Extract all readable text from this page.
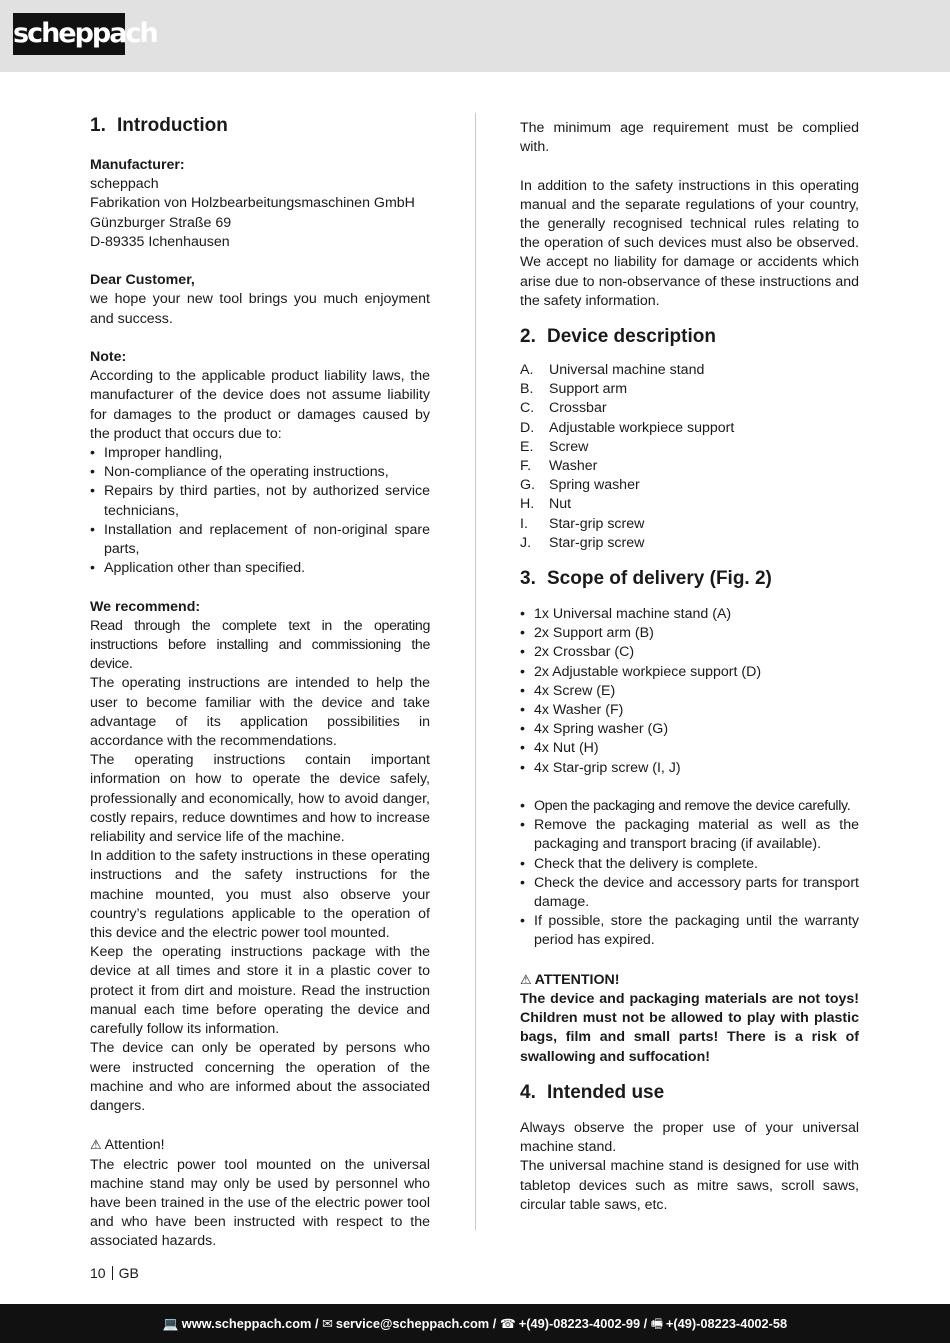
scheppach
1. Introduction
Manufacturer:
scheppach
Fabrikation von Holzbearbeitungsmaschinen GmbH
Günzburger Straße 69
D-89335 Ichenhausen
Dear Customer,

we hope your new tool brings you much enjoyment and success.

Note:

According to the applicable product liability laws, the manufacturer of the device does not assume liability for damages to the product or damages caused by the product that occurs due to:

• Improper handling,
• Non-compliance of the operating instructions,
• Repairs by third parties, not by authorized service technicians,
• Installation and replacement of non-original spare parts,
• Application other than specified.
We recommend:

Read through the complete text in the operating instructions before installing and commissioning the device.

The operating instructions are intended to help the user to become familiar with the device and take advantage of its application possibilities in accordance with the recommendations.

The operating instructions contain important information on how to operate the device safely, professionally and economically, how to avoid danger, costly repairs, reduce downtimes and how to increase reliability and service life of the machine.

In addition to the safety instructions in these operating instructions and the safety instructions for the machine mounted, you must also observe your country’s regulations applicable to the operation of this device and the electric power tool mounted.

Keep the operating instructions package with the device at all times and store it in a plastic cover to protect it from dirt and moisture. Read the instruction manual each time before operating the device and carefully follow its information.

The device can only be operated by persons who were instructed concerning the operation of the machine and who are informed about the associated dangers.

⚠ Attention!

The electric power tool mounted on the universal machine stand may only be used by personnel who have been trained in the use of the electric power tool and who have been instructed with respect to the associated hazards.

The minimum age requirement must be complied with.

In addition to the safety instructions in this operating manual and the separate regulations of your country, the generally recognised technical rules relating to the operation of such devices must also be observed. We accept no liability for damage or accidents which arise due to non-observance of these instructions and the safety information.

2. Device description
A. Universal machine stand
B. Support arm
C. Crossbar
D. Adjustable workpiece support
E. Screw
F. Washer
G. Spring washer
H. Nut
I. Star-grip screw
J. Star-grip screw
3. Scope of delivery (Fig. 2)
• 1x Universal machine stand (A)
• 2x Support arm (B)
• 2x Crossbar (C)
• 2x Adjustable workpiece support (D)
• 4x Screw (E)
• 4x Washer (F)
• 4x Spring washer (G)
• 4x Nut (H)
• 4x Star-grip screw (I, J)
• Open the packaging and remove the device carefully.
• Remove the packaging material as well as the packaging and transport bracing (if available).
• Check that the delivery is complete.
• Check the device and accessory parts for transport damage.
• If possible, store the packaging until the warranty period has expired.
⚠ ATTENTION!

The device and packaging materials are not toys! Children must not be allowed to play with plastic bags, film and small parts! There is a risk of swallowing and suffocation!

4. Intended use

Always observe the proper use of your universal machine stand.

The universal machine stand is designed for use with tabletop devices such as mitre saws, scroll saws, circular table saws, etc.

10 GB
💻 www.scheppach.com / ✉ service@scheppach.com / ☎ +(49)-08223-4002-99 / 🖷 +(49)-08223-4002-58
